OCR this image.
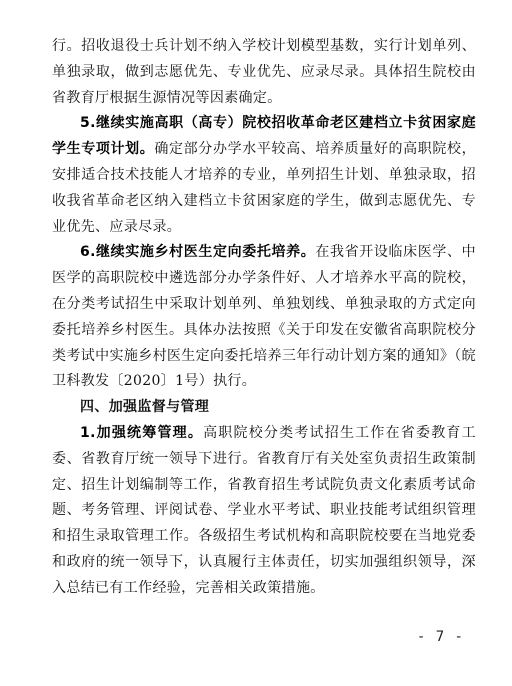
行。招收退役士兵计划不纳入学校计划模型基数，实行计划单列、单独录取，做到志愿优先、专业优先、应录尽录。具体招生院校由省教育厅根据生源情况等因素确定。

5.继续实施高职（高专）院校招收革命老区建档立卡贫困家庭学生专项计划。确定部分办学水平较高、培养质量好的高职院校，安排适合技术技能人才培养的专业，单列招生计划、单独录取，招收我省革命老区纳入建档立卡贫困家庭的学生，做到志愿优先、专业优先、应录尽录。

6.继续实施乡村医生定向委托培养。在我省开设临床医学、中医学的高职院校中遴选部分办学条件好、人才培养水平高的院校，在分类考试招生中采取计划单列、单独划线、单独录取的方式定向委托培养乡村医生。具体办法按照《关于印发在安徽省高职院校分类考试中实施乡村医生定向委托培养三年行动计划方案的通知》（皖卫科教发〔2020〕1号）执行。

四、加强监督与管理

1.加强统筹管理。高职院校分类考试招生工作在省委教育工委、省教育厅统一领导下进行。省教育厅有关处室负责招生政策制定、招生计划编制等工作，省教育招生考试院负责文化素质考试命题、考务管理、评阅试卷、学业水平考试、职业技能考试组织管理和招生录取管理工作。各级招生考试机构和高职院校要在当地党委和政府的统一领导下，认真履行主体责任，切实加强组织领导，深入总结已有工作经验，完善相关政策措施。

- 7 -
